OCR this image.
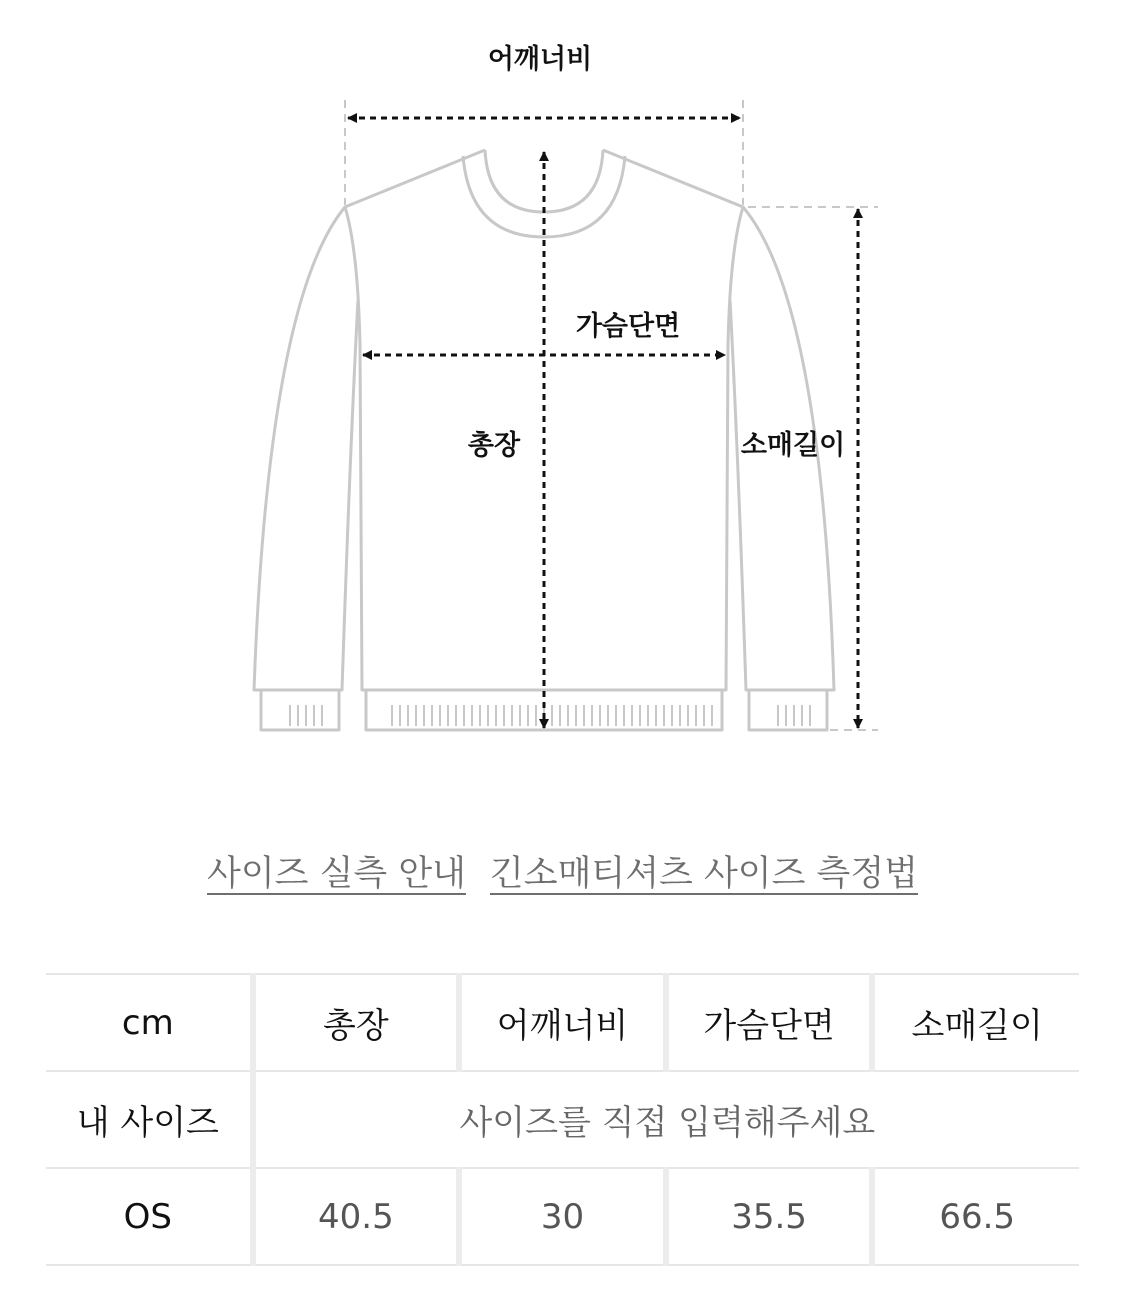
어깨너비
가슴단면
총장	소매길이
사이즈 실측 안내 긴소매티셔츠 사이즈 측정법
cm	총장	어깨너비	가슴단면	소매길이
내 사이즈	사이즈를 직접 입력해주세요			
OS	40.5	30	35.5	66.5
